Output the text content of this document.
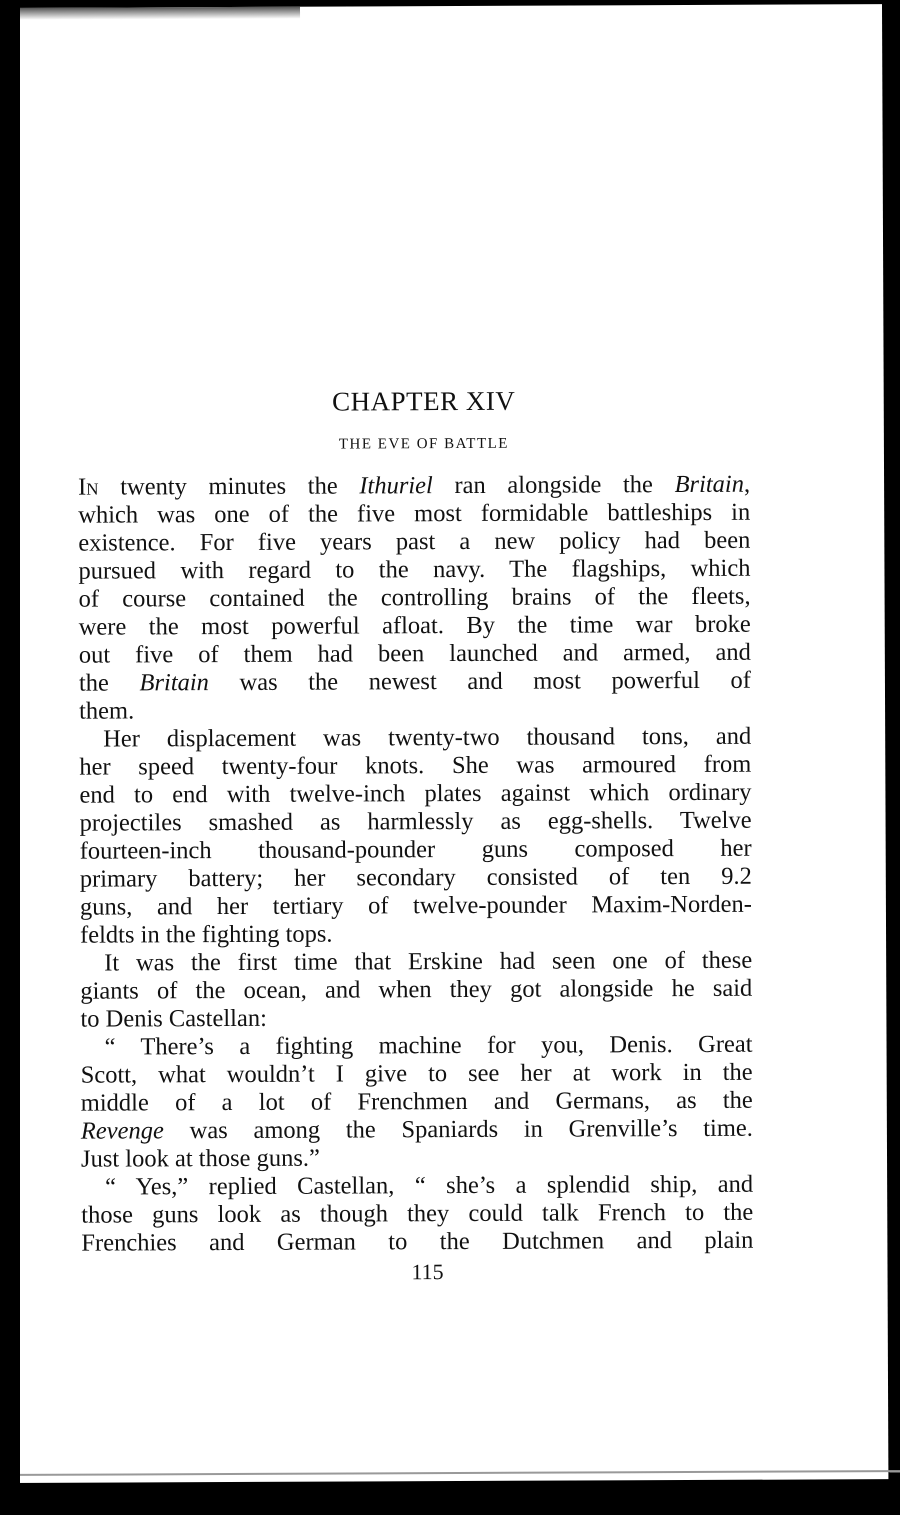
CHAPTER XIV
THE EVE OF BATTLE
In twenty minutes the Ithuriel ran alongside the Britain,
which was one of the five most formidable battleships in
existence. For five years past a new policy had been
pursued with regard to the navy. The flagships, which
of course contained the controlling brains of the fleets,
were the most powerful afloat. By the time war broke
out five of them had been launched and armed, and
the Britain was the newest and most powerful of
them.
Her displacement was twenty-two thousand tons, and
her speed twenty-four knots. She was armoured from
end to end with twelve-inch plates against which ordinary
projectiles smashed as harmlessly as egg-shells. Twelve
fourteen-inch thousand-pounder guns composed her
primary battery; her secondary consisted of ten 9.2
guns, and her tertiary of twelve-pounder Maxim-Norden-
feldts in the fighting tops.
It was the first time that Erskine had seen one of these
giants of the ocean, and when they got alongside he said
to Denis Castellan:
“ There’s a fighting machine for you, Denis. Great
Scott, what wouldn’t I give to see her at work in the
middle of a lot of Frenchmen and Germans, as the
Revenge was among the Spaniards in Grenville’s time.
Just look at those guns.”
“ Yes,” replied Castellan, “ she’s a splendid ship, and
those guns look as though they could talk French to the
Frenchies and German to the Dutchmen and plain
115
